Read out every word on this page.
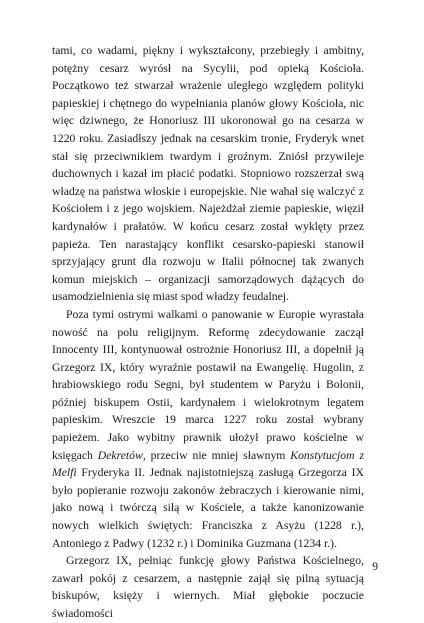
tami, co wadami, piękny i wykształcony, przebiegły i ambitny, potężny cesarz wyrósł na Sycylii, pod opieką Kościoła. Początkowo też stwarzał wrażenie uległego względem polityki papieskiej i chętnego do wypełniania planów głowy Kościoła, nic więc dziwnego, że Honoriusz III ukoronował go na cesarza w 1220 roku. Zasiadłszy jednak na cesarskim tronie, Fryderyk wnet stał się przeciwnikiem twardym i groźnym. Zniósł przywileje duchownych i kazał im płacić podatki. Stopniowo rozszerzał swą władzę na państwa włoskie i europejskie. Nie wahał się walczyć z Kościołem i z jego wojskiem. Najeżdżał ziemie papieskie, więził kardynałów i prałatów. W końcu cesarz został wyklęty przez papieża. Ten narastający konflikt cesarsko-papieski stanowił sprzyjający grunt dla rozwoju w Italii północnej tak zwanych komun miejskich – organizacji samorządowych dążących do usamodzielnienia się miast spod władzy feudalnej.

Poza tymi ostrymi walkami o panowanie w Europie wyrastała nowość na polu religijnym. Reformę zdecydowanie zaczął Innocenty III, kontynuował ostrożnie Honoriusz III, a dopełnił ją Grzegorz IX, który wyraźnie postawił na Ewangelię. Hugolin, z hrabiowskiego rodu Segni, był studentem w Paryżu i Bolonii, później biskupem Ostii, kardynałem i wielokrotnym legatem papieskim. Wreszcie 19 marca 1227 roku został wybrany papieżem. Jako wybitny prawnik ułożył prawo kościelne w księgach Dekretów, przeciw nie mniej sławnym Konstytucjom z Melfi Fryderyka II. Jednak najistotniejszą zasługą Grzegorza IX było popieranie rozwoju zakonów żebraczych i kierowanie nimi, jako nową i twórczą siłą w Kościele, a także kanonizowanie nowych wielkich świętych: Franciszka z Asyżu (1228 r.), Antoniego z Padwy (1232 r.) i Dominika Guzmana (1234 r.).

Grzegorz IX, pełniąc funkcję głowy Państwa Kościelnego, zawarł pokój z cesarzem, a następnie zajął się pilną sytuacją biskupów, księży i wiernych. Miał głębokie poczucie świadomości

9
